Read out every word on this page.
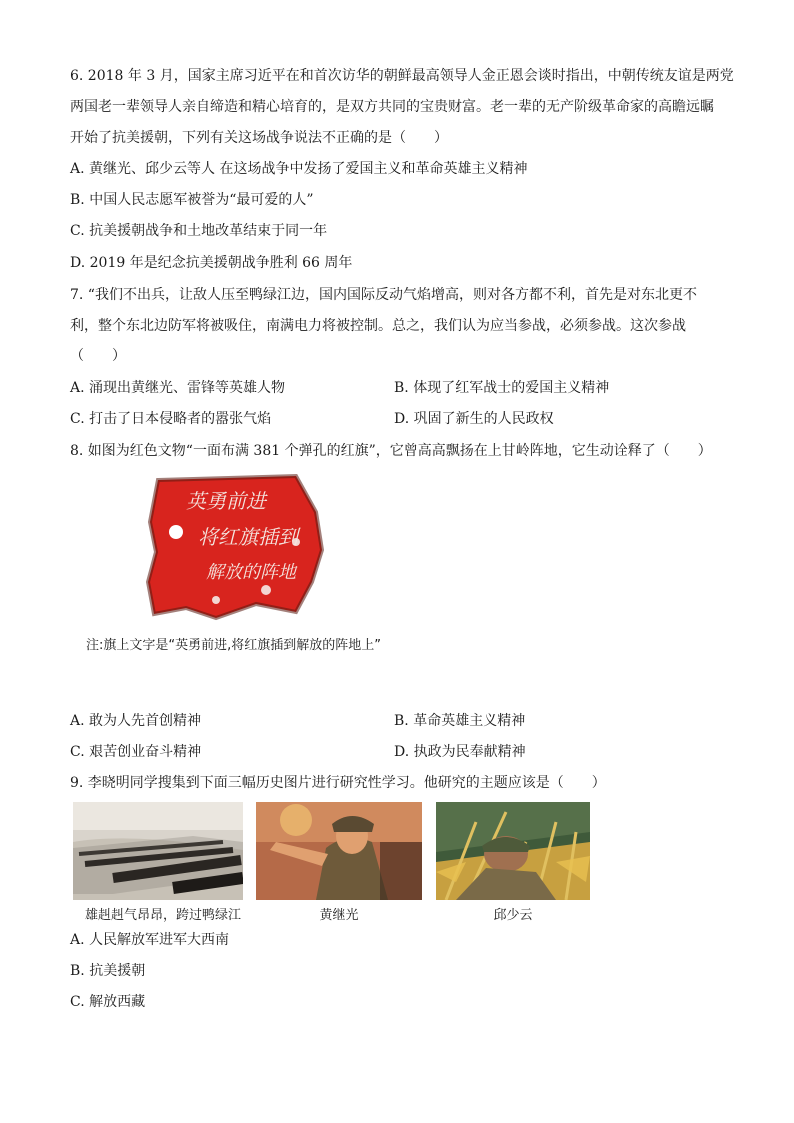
6. 2018 年 3 月，国家主席习近平在和首次访华的朝鲜最高领导人金正恩会谈时指出，中朝传统友谊是两党
两国老一辈领导人亲自缔造和精心培育的，是双方共同的宝贵财富。老一辈的无产阶级革命家的高瞻远瞩
开始了抗美援朝，下列有关这场战争说法不正确的是（　　）
A. 黄继光、邱少云等人 在这场战争中发扬了爱国主义和革命英雄主义精神
B. 中国人民志愿军被誉为“最可爱的人”
C. 抗美援朝战争和土地改革结束于同一年
D. 2019 年是纪念抗美援朝战争胜利 66 周年
7. “我们不出兵，让敌人压至鸭绿江边，国内国际反动气焰增高，则对各方都不利，首先是对东北更不
利，整个东北边防军将被吸住，南满电力将被控制。总之，我们认为应当参战，必须参战。这次参战
（　　）
A. 涌现出黄继光、雷锋等英雄人物	B. 体现了红军战士的爱国主义精神
C. 打击了日本侵略者的嚣张气焰	D. 巩固了新生的人民政权
8. 如图为红色文物“一面布满 381 个弹孔的红旗”，它曾高高飘扬在上甘岭阵地，它生动诠释了（　　）
英勇前进
将红旗插到
解放的阵地
注:旗上文字是“英勇前进,将红旗插到解放的阵地上”
A. 敢为人先首创精神	B. 革命英雄主义精神
C. 艰苦创业奋斗精神	D. 执政为民奉献精神
9. 李晓明同学搜集到下面三幅历史图片进行研究性学习。他研究的主题应该是（　　）
雄赳赳气昂昂，跨过鸭绿江	黄继光	邱少云
A. 人民解放军进军大西南
B. 抗美援朝
C. 解放西藏
